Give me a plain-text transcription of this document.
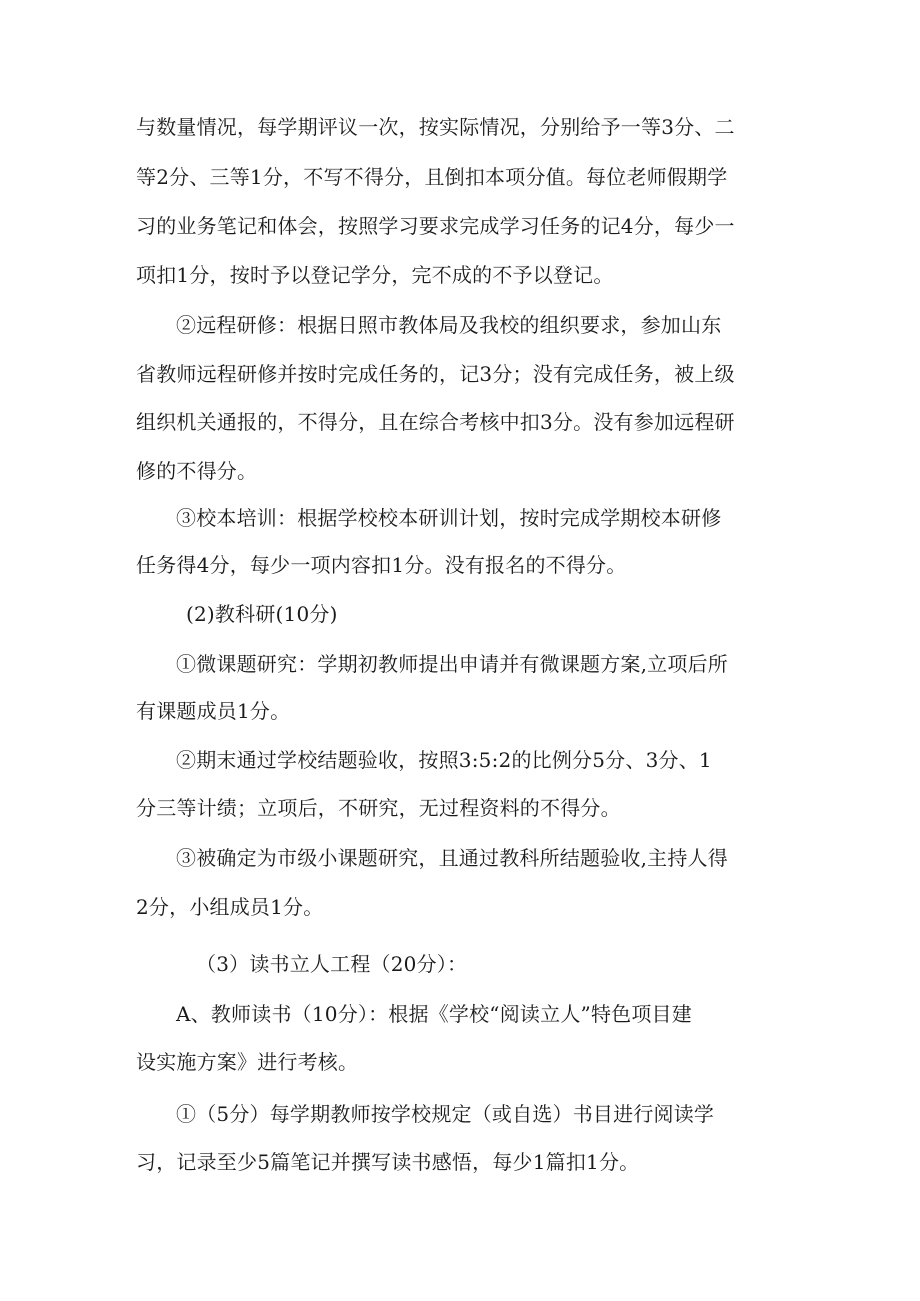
与数量情况，每学期评议一次，按实际情况，分别给予一等3分、二

等2分、三等1分，不写不得分，且倒扣本项分值。每位老师假期学

习的业务笔记和体会，按照学习要求完成学习任务的记4分，每少一

项扣1分，按时予以登记学分，完不成的不予以登记。

②远程研修：根据日照市教体局及我校的组织要求，参加山东

省教师远程研修并按时完成任务的，记3分；没有完成任务，被上级

组织机关通报的，不得分，且在综合考核中扣3分。没有参加远程研

修的不得分。

③校本培训：根据学校校本研训计划，按时完成学期校本研修

任务得4分，每少一项内容扣1分。没有报名的不得分。

(2)教科研(10分)

①微课题研究：学期初教师提出申请并有微课题方案,立项后所

有课题成员1分。

②期末通过学校结题验收，按照3:5:2的比例分5分、3分、1

分三等计绩；立项后，不研究，无过程资料的不得分。

③被确定为市级小课题研究，且通过教科所结题验收,主持人得

2分，小组成员1分。

（3）读书立人工程（20分）：

A、教师读书（10分）：根据《学校“阅读立人”特色项目建

设实施方案》进行考核。

①（5分）每学期教师按学校规定（或自选）书目进行阅读学

习，记录至少5篇笔记并撰写读书感悟，每少1篇扣1分。
